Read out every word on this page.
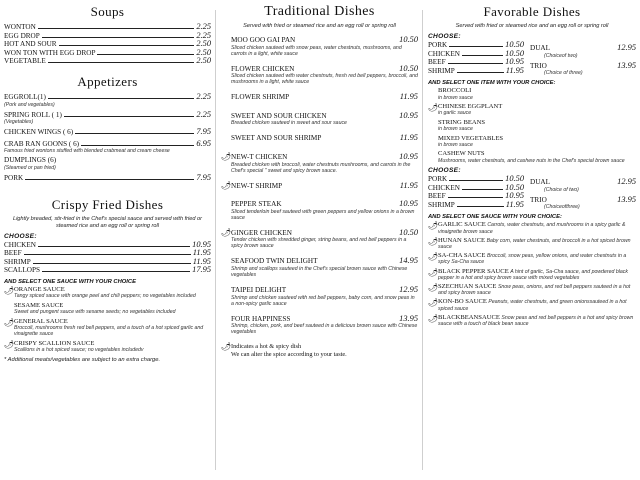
Soups
WONTON	2.25
EGG DROP	2.25
HOT AND SOUR	2.50
WON TON WITH EGG DROP	2.50
VEGETABLE	2.50
Appetizers
EGGROLL(1)	2.25
(Pork and vegetables)
SPRING ROLL ( 1)	2.25
(Vegetables)
CHICKEN WINGS ( 6)	7.95
CRAB RAN GOONS ( 6)	6.95
Famous fried wontons stuffed with blended crabmeat and cream cheese
DUMPLINGS (6)
(Steamed or pan fried)
PORK	7.95
Crispy Fried Dishes
Lightly breaded, stir-fried in the Chef's special sauce and served with fried or steamed rice and an egg roll or spring roll
CHOOSE:
CHICKEN	10.95
BEEF	11.95
SHRIMP	11.95
SCALLOPS	17.95
AND SELECT ONE SAUCE WITH YOUR CHOICE
🌶︎ ORANGE SAUCE
Tangy spiced sauce with orange peel and chili peppers; no vegetables included
SESAME SAUCE
Sweet and pungent sauce with sesame seeds; no vegetables included
🌶︎ GENERAL SAUCE
Broccoli, mushrooms fresh red bell peppers, and a touch of a hot spiced garlic and vinaigrette sauce
🌶︎ CRISPY SCALLION SAUCE
Scallions in a hot spiced sauce; no vegetables includedv
* Additional meats/vegetables are subject to an extra charge.
Traditional Dishes
Served with fried or steamed rice and an egg roll or spring roll
MOO GOO GAI PAN	10.50
Sliced chicken sauteed with snow peas, water chestnuts, mushrooms, and carrots in a light, white sauce
FLOWER CHICKEN	10.50
Sliced chicken sauteed with water chestnuts, fresh red bell peppers, broccoli, and mushrooms in a light, white sauce
FLOWER SHRIMP	11.95
SWEET AND SOUR CHICKEN	10.95
Breaded chicken sauteed in sweet and sour sauce
SWEET AND SOUR SHRIMP	11.95
🌶︎ NEW-T CHICKEN	10.95
Breaded chicken with broccoli, water chestnuts mushrooms, and carrots in the Chef's special " sweet and spicy brown sauce.
🌶︎ NEW-T SHRIMP	11.95
PEPPER STEAK	10.95
Sliced tenderloin beef sauteed with green peppers and yellow onions in a brown sauce
🌶︎ GINGER CHICKEN	10.50
Tender chicken with shredded ginger, string beans, and red bell peppers in a spicy brown sauce
SEAFOOD TWIN DELIGHT	14.95
Shrimp and scallops sauteed in the Chef's special brown sauce with Chinese vegetables
TAIPEI DELIGHT	12.95
Shrimp and chicken sauteed with red bell peppers, baby corn, and snow peas in a non-spicy garlic sauce
FOUR HAPPINESS	13.95
Shrimp, chicken, pork, and beef sauteed in a delicious brown sauce with Chinese vegetables
🌶︎ Indicates a hot & spicy dish
We can alter the spice according to your taste.
Favorable Dishes
Served with fried or steamed rice and an egg roll or spring roll
CHOOSE:
PORK	10.50
CHICKEN	10.50
BEEF	10.95
SHRIMP	11.95
DUAL	12.95
(Choiceof two)
TRIO	13.95
(Choice of three)
AND SELECT ONE ITEM WITH YOUR CHOICE:
BROCCOLI
in brown sauce
🌶︎ CHINESE EGGPLANT
in garlic sauce
STRING BEANS
in brown sauce
MIXED VEGETABLES
in brown sauce
CASHEW NUTS
Mushrooms, water chestnuts, and cashew nuts in the Chef's special brown sauce
CHOOSE:
PORK	10.50
CHICKEN	10.50
BEEF	10.95
SHRIMP	11.95
DUAL	12.95
(Choice of two)
TRIO	13.95
(Choiceofthree)
AND SELECT ONE SAUCE WITH YOUR CHOICE:
🌶︎ GARLIC SAUCE Carrots, water chestnuts, and mushrooms in a spicy garlic & vinaigrette brown sauce
🌶︎ HUNAN SAUCE Baby corn, water chestnuts, and broccoli in a hot spiced brown sauce
🌶︎ SA-CHA SAUCE Broccoli, snow peas, yellow onions, and water chestnuts in a spicy Sa-Cha sauce
🌶︎ BLACK PEPPER SAUCE A hint of garlic, Sa-Cha sauce, and powdered black pepper in a hot and spicy brown sauce with mixed vegetables
🌶︎ SZECHUAN SAUCE Snow peas, onions, and red bell peppers sauteed in a hot and spicy brown sauce
🌶︎ KON-BO SAUCE Peanuts, water chestnuts, and green onionssauteed in a hot spiced sauce
🌶︎ BLACKBEANSAUCE Snow peas and red bell peppers in a hot and spicy brown sauce with a touch of black bean sauce
